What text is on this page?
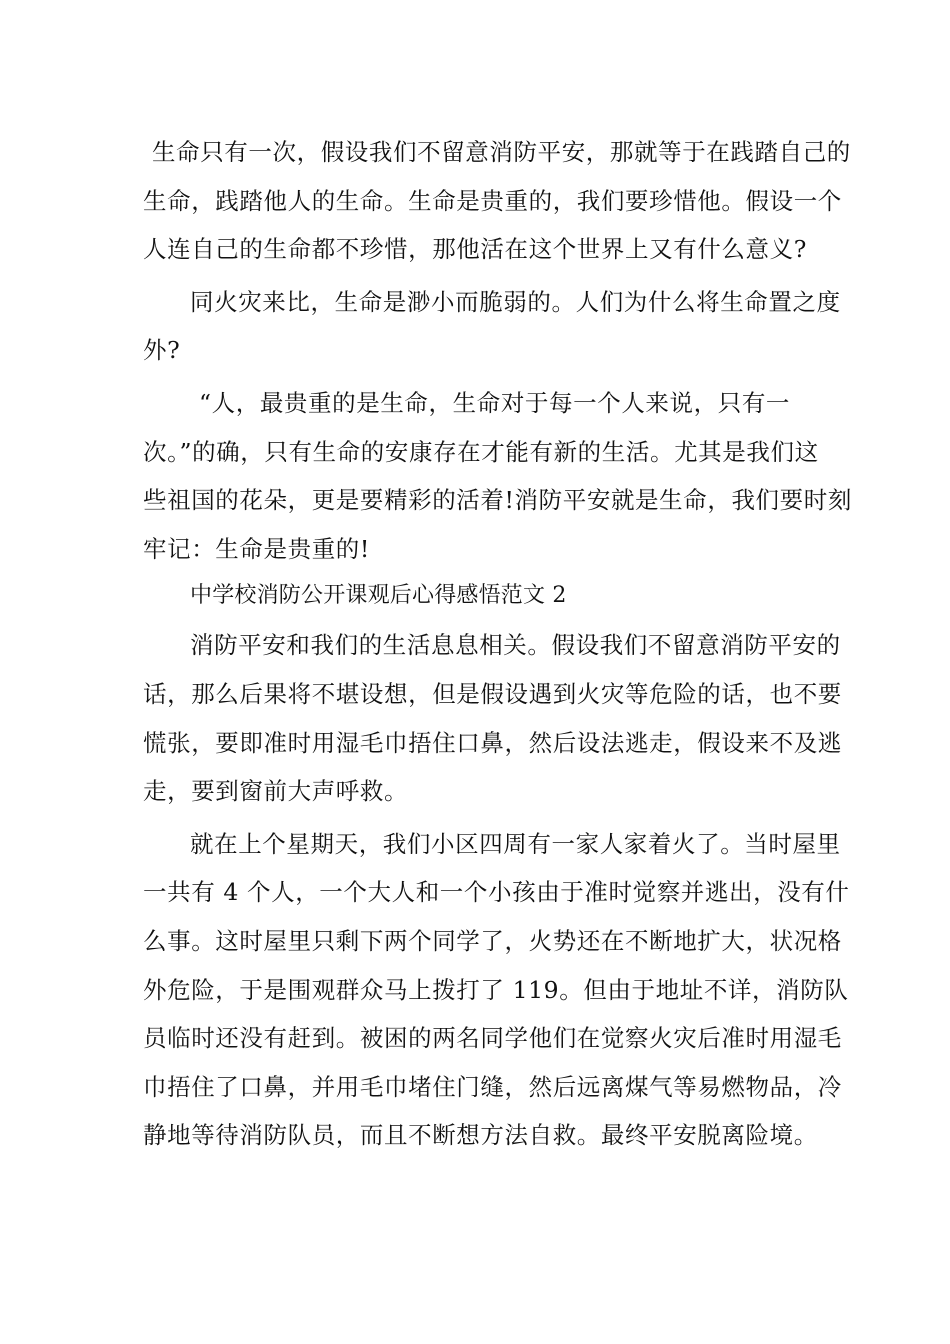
生命只有一次，假设我们不留意消防平安，那就等于在践踏自己的
生命，践踏他人的生命。生命是贵重的，我们要珍惜他。假设一个
人连自己的生命都不珍惜，那他活在这个世界上又有什么意义?

同火灾来比，生命是渺小而脆弱的。人们为什么将生命置之度
外?

“人，最贵重的是生命，生命对于每一个人来说，只有一
次。”的确，只有生命的安康存在才能有新的生活。尤其是我们这
些祖国的花朵，更是要精彩的活着!消防平安就是生命，我们要时刻
牢记：生命是贵重的!

中学校消防公开课观后心得感悟范文 2

消防平安和我们的生活息息相关。假设我们不留意消防平安的
话，那么后果将不堪设想，但是假设遇到火灾等危险的话，也不要
慌张，要即准时用湿毛巾捂住口鼻，然后设法逃走，假设来不及逃
走，要到窗前大声呼救。

就在上个星期天，我们小区四周有一家人家着火了。当时屋里
一共有 4 个人，一个大人和一个小孩由于准时觉察并逃出，没有什
么事。这时屋里只剩下两个同学了，火势还在不断地扩大，状况格
外危险，于是围观群众马上拨打了 119。但由于地址不详，消防队
员临时还没有赶到。被困的两名同学他们在觉察火灾后准时用湿毛
巾捂住了口鼻，并用毛巾堵住门缝，然后远离煤气等易燃物品，冷
静地等待消防队员，而且不断想方法自救。最终平安脱离险境。
